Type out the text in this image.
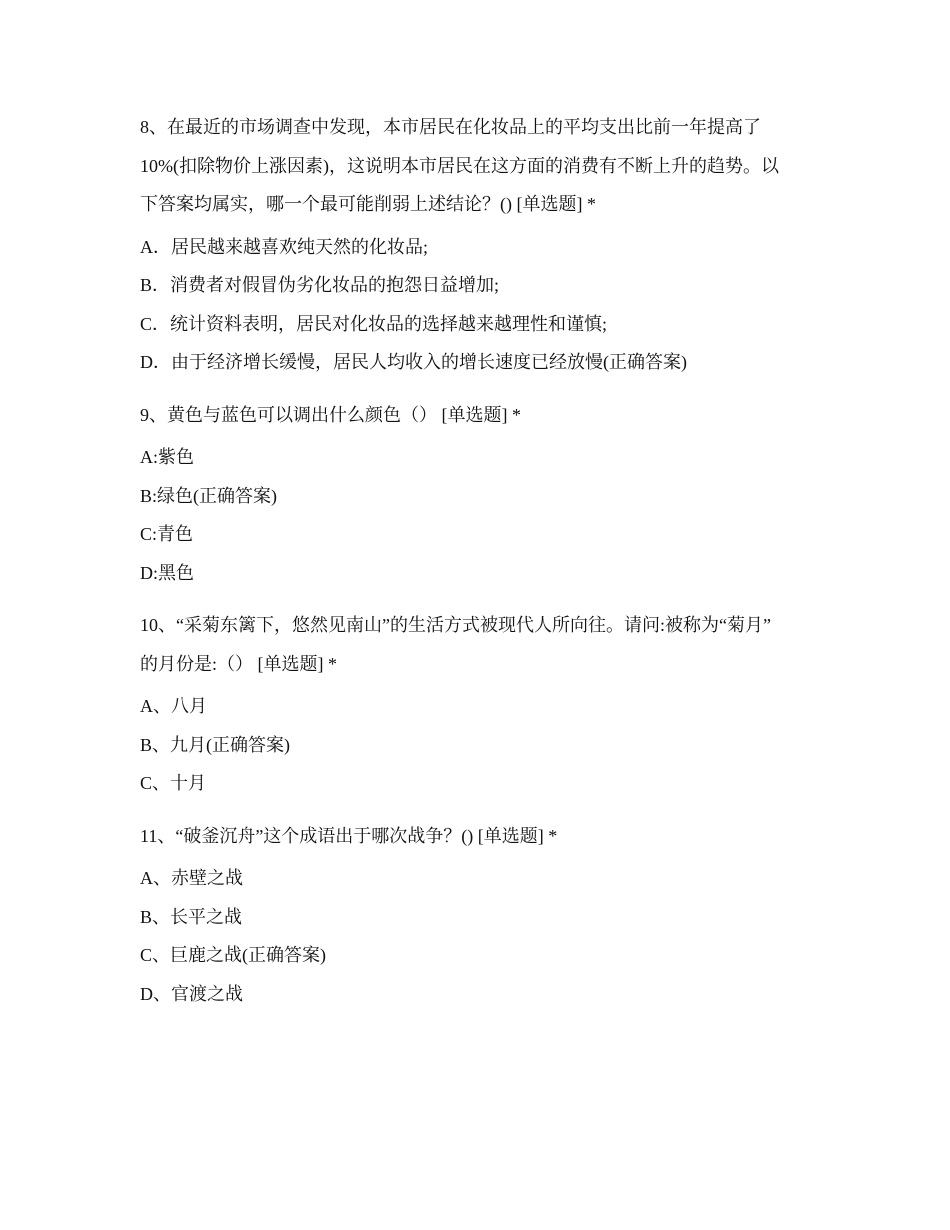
8、在最近的市场调查中发现，本市居民在化妆品上的平均支出比前一年提高了
10%(扣除物价上涨因素)，这说明本市居民在这方面的消费有不断上升的趋势。以
下答案均属实，哪一个最可能削弱上述结论？() [单选题] *
A．居民越来越喜欢纯天然的化妆品;
B．消费者对假冒伪劣化妆品的抱怨日益增加;
C．统计资料表明，居民对化妆品的选择越来越理性和谨慎;
D．由于经济增长缓慢，居民人均收入的增长速度已经放慢(正确答案)
9、黄色与蓝色可以调出什么颜色（） [单选题] *
A:紫色
B:绿色(正确答案)
C:青色
D:黑色
10、“采菊东篱下，悠然见南山”的生活方式被现代人所向往。请问:被称为“菊月”
的月份是:（） [单选题] *
A、八月
B、九月(正确答案)
C、十月
11、“破釜沉舟”这个成语出于哪次战争？() [单选题] *
A、赤壁之战
B、长平之战
C、巨鹿之战(正确答案)
D、官渡之战
